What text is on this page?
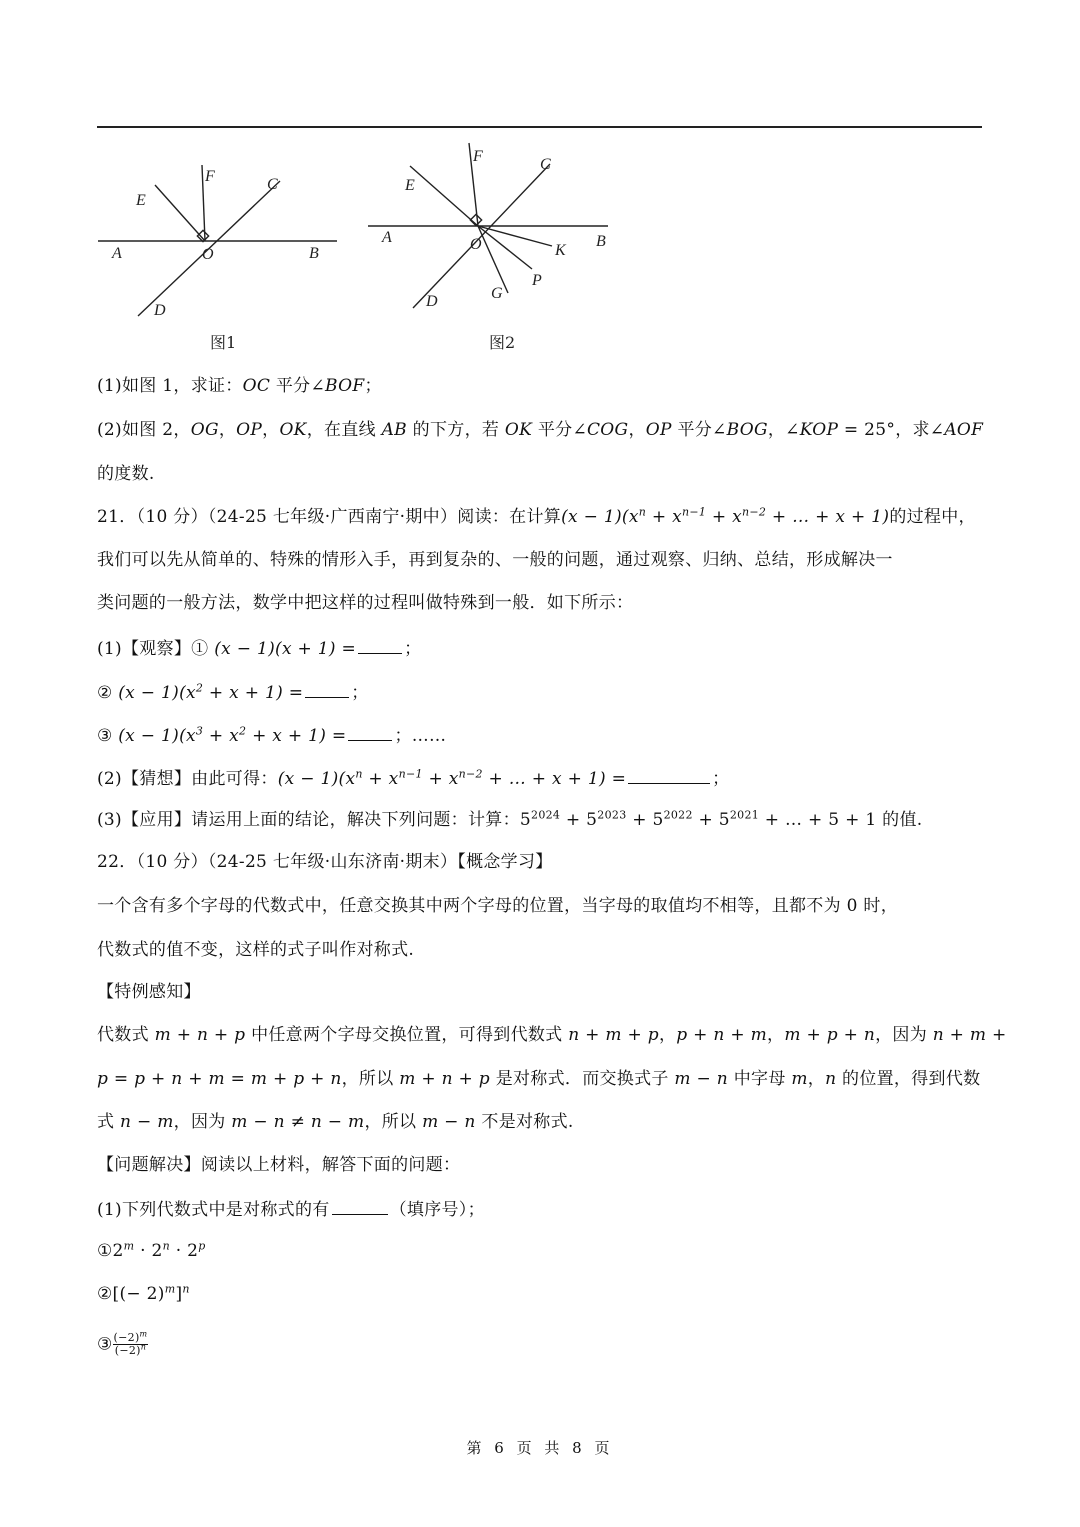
A	B
C
D
E
F
O
图1
A	B
C
D
E
F
O
G
K
P
图2
(1)如图 1，求证：OC 平分∠BOF；
(2)如图 2，OG，OP，OK，在直线 AB 的下方，若 OK 平分∠COG，OP 平分∠BOG，∠KOP = 25°，求∠AOF
的度数.
21．（10 分）（24-25 七年级·广西南宁·期中）阅读：在计算$(x - 1)(x^n + x^{n-1} + x^{n-2}$ + … + x + 1)的过程中，
我们可以先从简单的、特殊的情形入手，再到复杂的、一般的问题，通过观察、归纳、总结，形成解决一
类问题的一般方法，数学中把这样的过程叫做特殊到一般．如下所示：
(1)【观察】① (x − 1)(x + 1) =	；
② $(x - 1)(x^2 + x + 1)$ =	；
③ $(x - 1)(x^3 + x^2 + x + 1)$ =	；……
(2)【猜想】由此可得：$(x - 1)(x^n + x^{n-1} + x^{n-2}$ + … + x + 1) =	；
(3)【应用】请运用上面的结论，解决下列问题：计算：$5^{2024} + 5^{2023} + 5^{2022} + 5^{2021}$ + … + 5 + 1 的值.
22．（10 分）（24-25 七年级·山东济南·期末）【概念学习】
一个含有多个字母的代数式中，任意交换其中两个字母的位置，当字母的取值均不相等，且都不为 0 时，
代数式的值不变，这样的式子叫作对称式.
【特例感知】
代数式 m + n + p 中任意两个字母交换位置，可得到代数式 n + m + p，p + n + m，m + p + n，因为 n + m +
p = p + n + m = m + p + n，所以 m + n + p 是对称式．而交换式子 m − n 中字母 m，n 的位置，得到代数
式 n − m，因为 m − n ≠ n − m，所以 m − n 不是对称式.
【问题解决】阅读以上材料，解答下面的问题：
(1)下列代数式中是对称式的有	（填序号）；
$①2^m \cdot 2^n \cdot 2^p$
②[(− 2)$^m$]$^n$
③ $\frac{(-2)^m}{(-2)^n}$
第 6 页 共 8 页
